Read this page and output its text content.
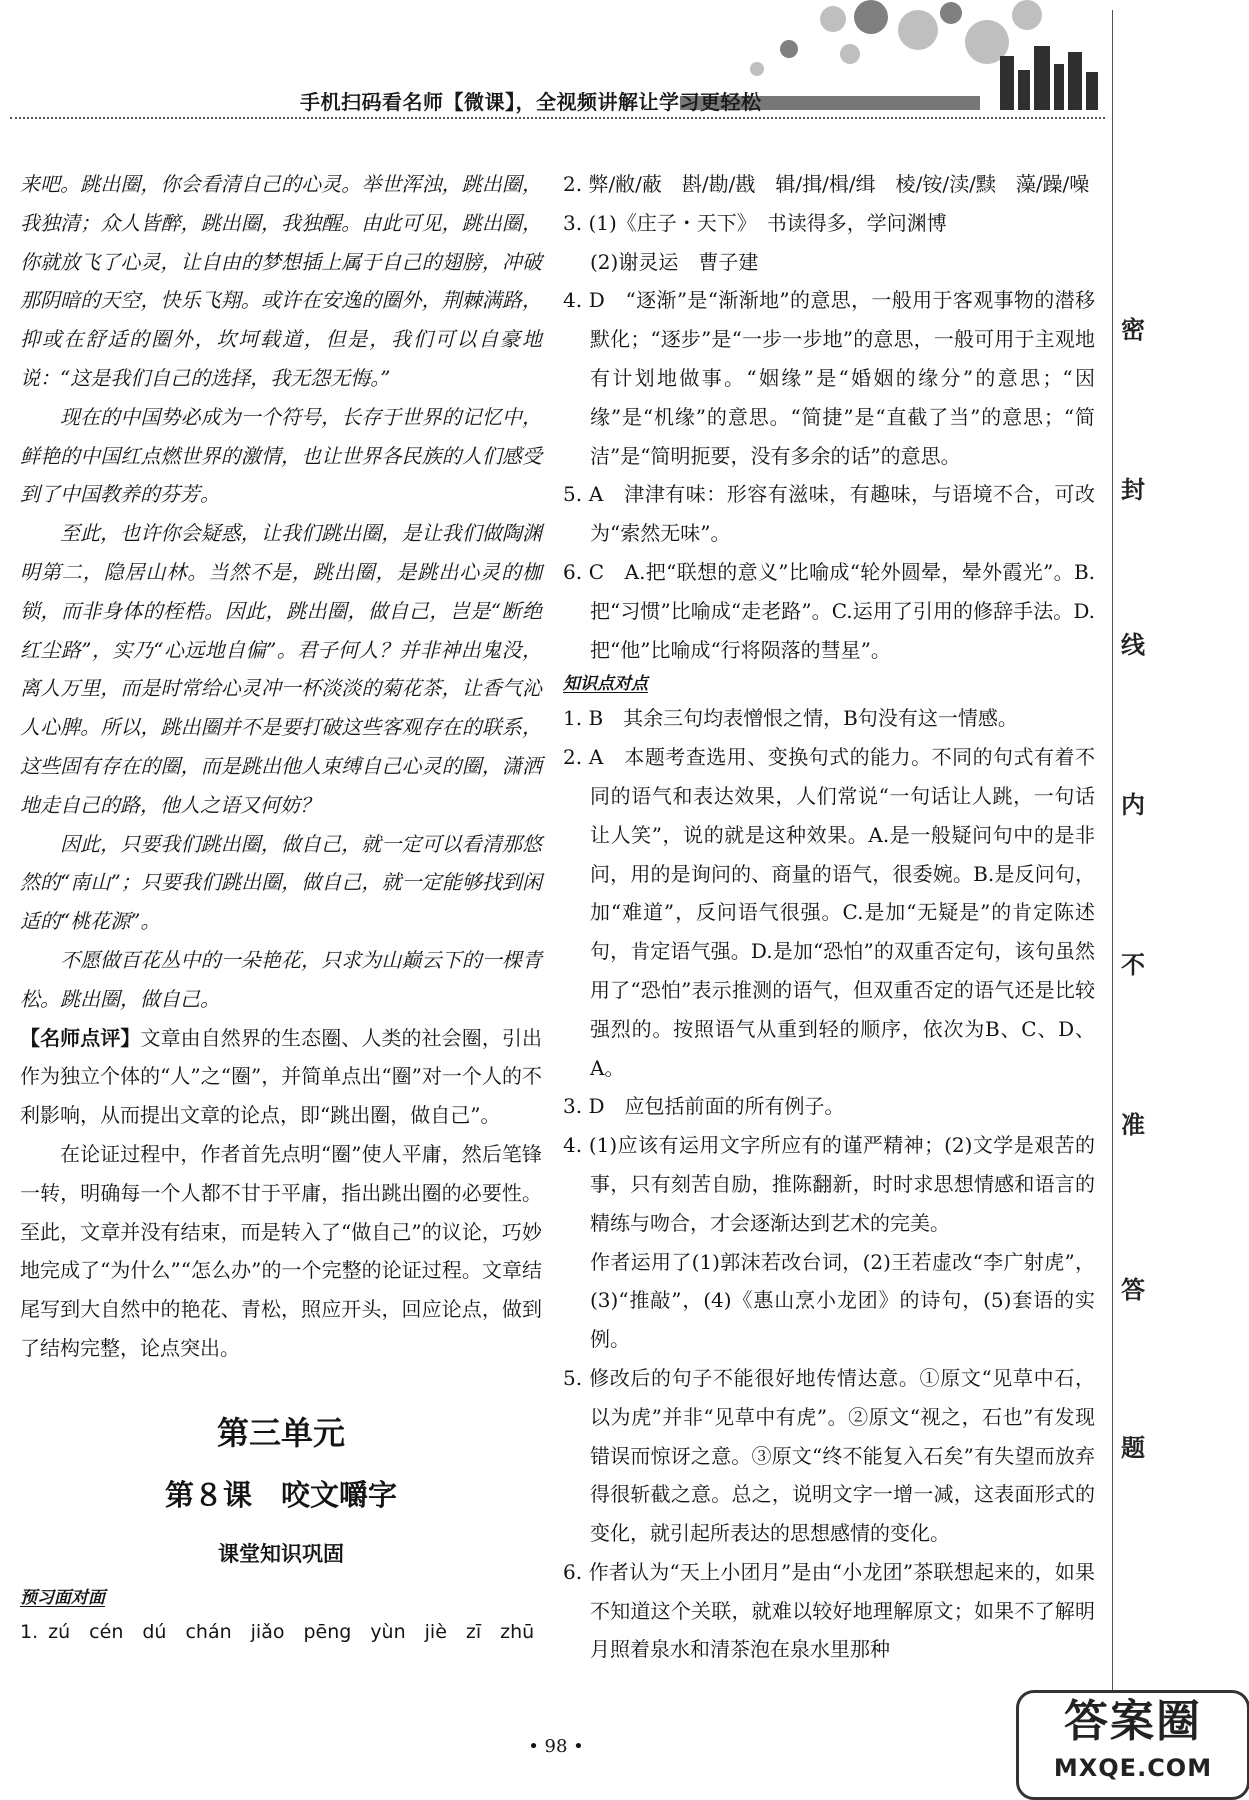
手机扫码看名师【微课】，全视频讲解让学习更轻松
密
封
线
内
不
准
答
题

来吧。跳出圈，你会看清自己的心灵。举世浑浊，跳出圈，我独清；众人皆醉，跳出圈，我独醒。由此可见，跳出圈，你就放飞了心灵，让自由的梦想插上属于自己的翅膀，冲破那阴暗的天空，快乐飞翔。或许在安逸的圈外，荆棘满路，抑或在舒适的圈外，坎坷载道，但是，我们可以自豪地说：“这是我们自己的选择，我无怨无悔。”

现在的中国势必成为一个符号，长存于世界的记忆中，鲜艳的中国红点燃世界的激情，也让世界各民族的人们感受到了中国教养的芬芳。

至此，也许你会疑惑，让我们跳出圈，是让我们做陶渊明第二，隐居山林。当然不是，跳出圈，是跳出心灵的枷锁，而非身体的桎梏。因此，跳出圈，做自己，岂是“断绝红尘路”，实乃“心远地自偏”。君子何人？并非神出鬼没，离人万里，而是时常给心灵冲一杯淡淡的菊花茶，让香气沁人心脾。所以，跳出圈并不是要打破这些客观存在的联系，这些固有存在的圈，而是跳出他人束缚自己心灵的圈，潇洒地走自己的路，他人之语又何妨？

因此，只要我们跳出圈，做自己，就一定可以看清那悠然的“南山”；只要我们跳出圈，做自己，就一定能够找到闲适的“桃花源”。

不愿做百花丛中的一朵艳花，只求为山巅云下的一棵青松。跳出圈，做自己。

【名师点评】文章由自然界的生态圈、人类的社会圈，引出作为独立个体的“人”之“圈”，并简单点出“圈”对一个人的不利影响，从而提出文章的论点，即“跳出圈，做自己”。

在论证过程中，作者首先点明“圈”使人平庸，然后笔锋一转，明确每一个人都不甘于平庸，指出跳出圈的必要性。至此，文章并没有结束，而是转入了“做自己”的议论，巧妙地完成了“为什么”“怎么办”的一个完整的论证过程。文章结尾写到大自然中的艳花、青松，照应开头，回应论点，做到了结构完整，论点突出。

第三单元
第８课　咬文嚼字
课堂知识巩固

预习面对面

1. zú　cén　dú　chán　jiǎo　pēng　yùn　jiè　zī　zhū

2. 弊/敝/蔽　斟/勘/戡　辑/揖/楫/缉　棱/铵/渎/黩　藻/躁/噪

3. (1)《庄子・天下》　书读得多，学问渊博

(2)谢灵运　曹子建

4. D　“逐渐”是“渐渐地”的意思，一般用于客观事物的潜移默化；“逐步”是“一步一步地”的意思，一般可用于主观地有计划地做事。“姻缘”是“婚姻的缘分”的意思；“因缘”是“机缘”的意思。“简捷”是“直截了当”的意思；“简洁”是“简明扼要，没有多余的话”的意思。

5. A　津津有味：形容有滋味，有趣味，与语境不合，可改为“索然无味”。

6. C　A.把“联想的意义”比喻成“轮外圆晕，晕外霞光”。B.把“习惯”比喻成“走老路”。C.运用了引用的修辞手法。D.把“他”比喻成“行将陨落的彗星”。

知识点对点

1. B　其余三句均表憎恨之情，B句没有这一情感。

2. A　本题考查选用、变换句式的能力。不同的句式有着不同的语气和表达效果，人们常说“一句话让人跳，一句话让人笑”，说的就是这种效果。A.是一般疑问句中的是非问，用的是询问的、商量的语气，很委婉。B.是反问句，加“难道”，反问语气很强。C.是加“无疑是”的肯定陈述句，肯定语气强。D.是加“恐怕”的双重否定句，该句虽然用了“恐怕”表示推测的语气，但双重否定的语气还是比较强烈的。按照语气从重到轻的顺序，依次为B、C、D、A。

3. D　应包括前面的所有例子。

4. (1)应该有运用文字所应有的谨严精神；(2)文学是艰苦的事，只有刻苦自励，推陈翻新，时时求思想情感和语言的精练与吻合，才会逐渐达到艺术的完美。

作者运用了(1)郭沫若改台词，(2)王若虚改“李广射虎”，(3)“推敲”，(4)《惠山烹小龙团》的诗句，(5)套语的实例。

5. 修改后的句子不能很好地传情达意。①原文“见草中石，以为虎”并非“见草中有虎”。②原文“视之，石也”有发现错误而惊讶之意。③原文“终不能复入石矣”有失望而放弃得很斩截之意。总之，说明文字一增一减，这表面形式的变化，就引起所表达的思想感情的变化。

6. 作者认为“天上小团月”是由“小龙团”茶联想起来的，如果不知道这个关联，就难以较好地理解原文；如果不了解明月照着泉水和清茶泡在泉水里那种

• 98 •	答案圈
MXQE.COM
